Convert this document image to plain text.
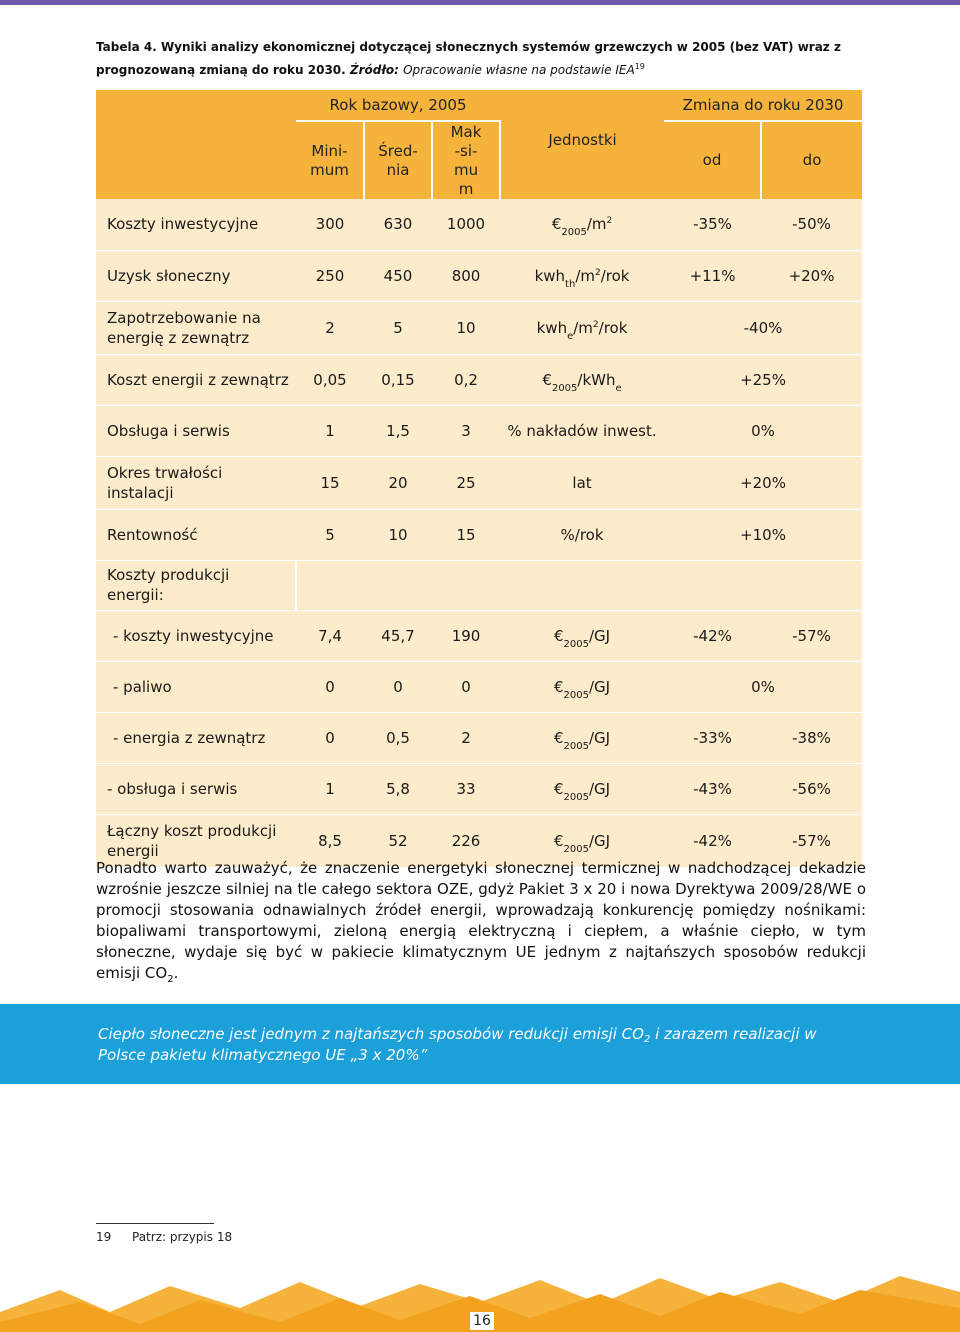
Tabela 4. Wyniki analizy ekonomicznej dotyczącej słonecznych systemów grzewczych w 2005 (bez VAT) wraz z prognozowaną zmianą do roku 2030. Źródło: Opracowanie własne na podstawie IEA$^{19}$
	Rok bazowy, 2005				Zmiana do roku 2030	
	Mini-mum	Śred-nia	Mak-si-mum	Jednostki	od	do
Koszty inwestycyjne	300	630	1000	$€_{2005}/m^2$	-35%	-50%
Uzysk słoneczny	250	450	800	$kwh_{th}/m^2$/rok	+11%	+20%
Zapotrzebowanie na energię z zewnątrz	2	5	10	$kwh_e/m^2$/rok	-40%	
Koszt energii z zewnątrz	0,05	0,15	0,2	$€_{2005}/kWh_e$	+25%	
Obsługa i serwis	1	1,5	3	% nakładów inwest.	0%	
Okres trwałości instalacji	15	20	25	lat	+20%	
Rentowność	5	10	15	%/rok	+10%	
Koszty produkcji energii:						
- koszty inwestycyjne	7,4	45,7	190	$€_{2005}/GJ$	-42%	-57%
- paliwo	0	0	0	$€_{2005}/GJ$	0%	
- energia z zewnątrz	0	0,5	2	$€_{2005}/GJ$	-33%	-38%
- obsługa i serwis	1	5,8	33	$€_{2005}/GJ$	-43%	-56%
Łączny koszt produkcji energii	8,5	52	226	$€_{2005}/GJ$	-42%	-57%
Ponadto warto zauważyć, że znaczenie energetyki słonecznej termicznej w nadchodzącej dekadzie wzrośnie jeszcze silniej na tle całego sektora OZE, gdyż Pakiet 3 x 20 i nowa Dyrektywa 2009/28/WE o promocji stosowania odnawialnych źródeł energii, wprowadzają konkurencję pomiędzy nośnikami: biopaliwami transportowymi, zieloną energią elektryczną i ciepłem, a właśnie ciepło, w tym słoneczne, wydaje się być w pakiecie klimatycznym UE jednym z najtańszych sposobów redukcji emisji $CO_2$.
Ciepło słoneczne jest jednym z najtańszych sposobów redukcji emisji $CO_2$ i zarazem realizacji w Polsce pakietu klimatycznego UE „3 x 20%”
19 Patrz: przypis 18
16
